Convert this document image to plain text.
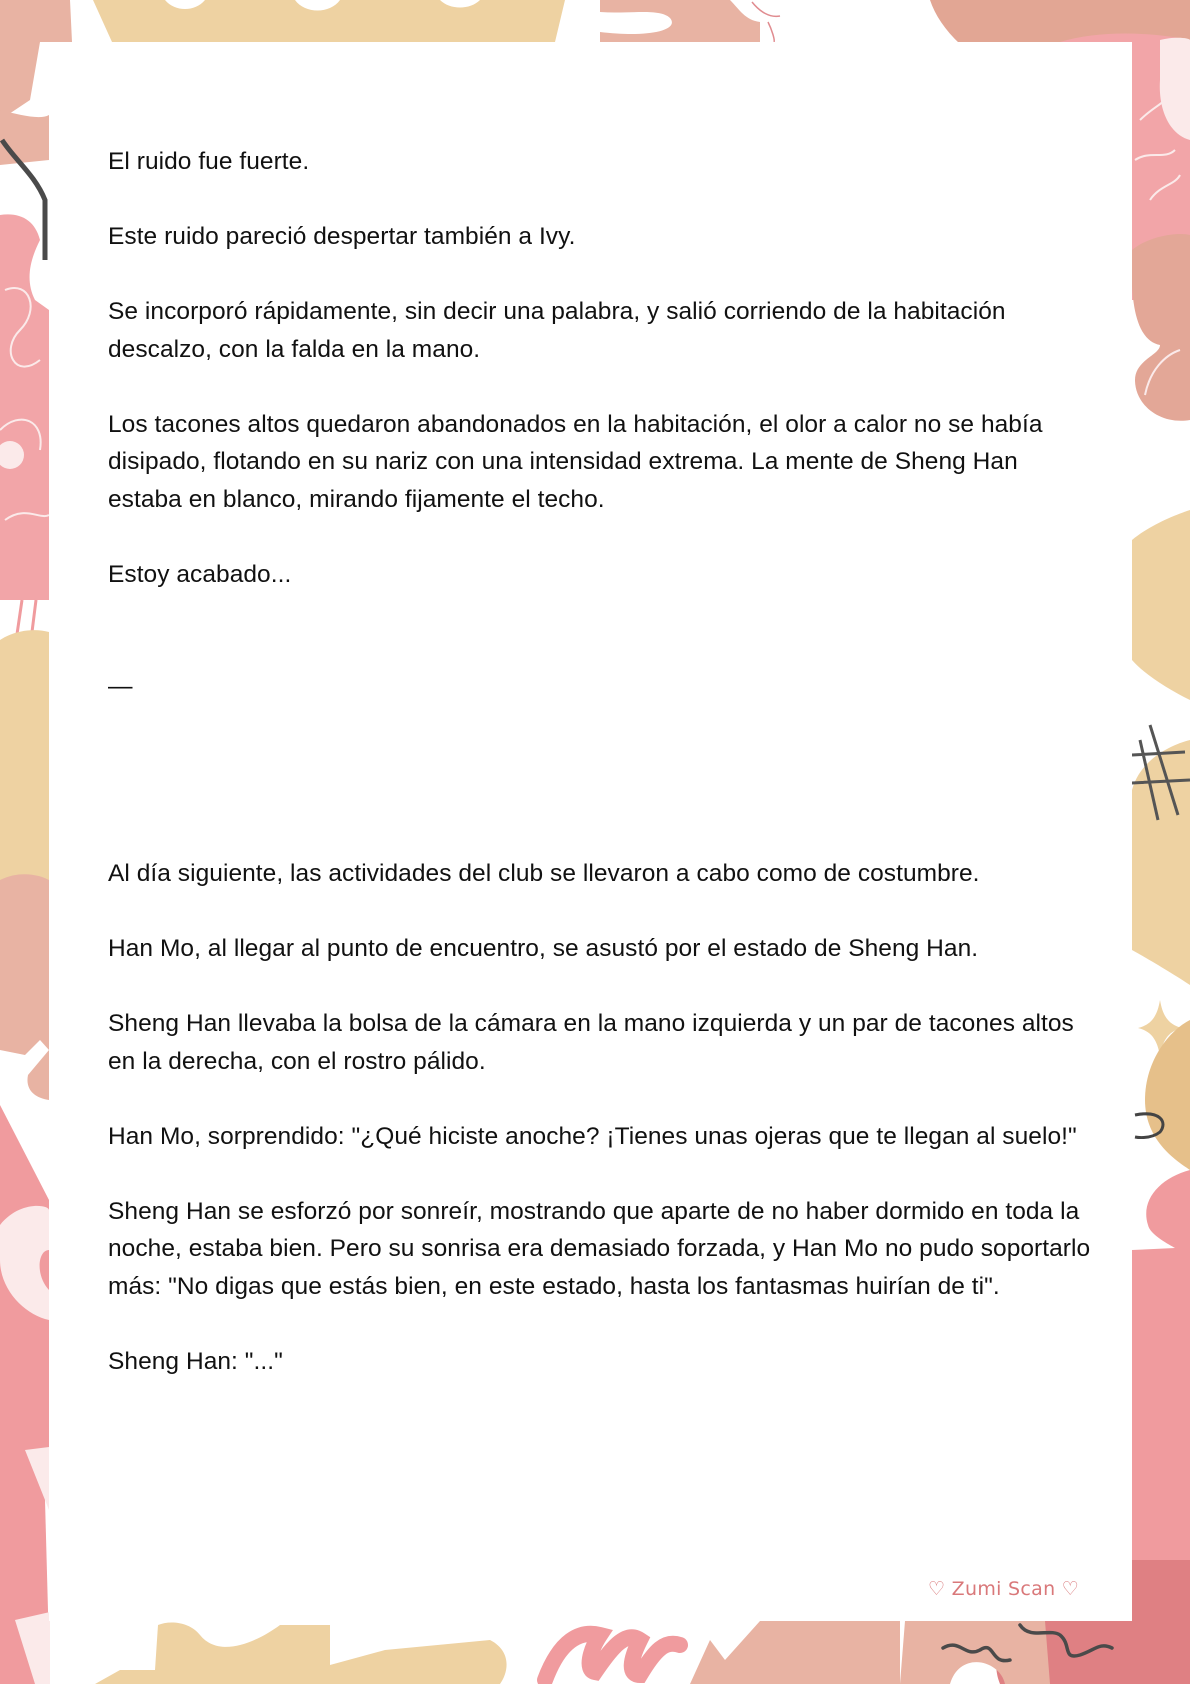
El ruido fue fuerte.

Este ruido pareció despertar también a Ivy.

Se incorporó rápidamente, sin decir una palabra, y salió corriendo de la habitación descalzo, con la falda en la mano.

Los tacones altos quedaron abandonados en la habitación, el olor a calor no se había disipado, flotando en su nariz con una intensidad extrema. La mente de Sheng Han estaba en blanco, mirando fijamente el techo.

Estoy acabado...

—

Al día siguiente, las actividades del club se llevaron a cabo como de costumbre.

Han Mo, al llegar al punto de encuentro, se asustó por el estado de Sheng Han.

Sheng Han llevaba la bolsa de la cámara en la mano izquierda y un par de tacones altos en la derecha, con el rostro pálido.

Han Mo, sorprendido: "¿Qué hiciste anoche? ¡Tienes unas ojeras que te llegan al suelo!"

Sheng Han se esforzó por sonreír, mostrando que aparte de no haber dormido en toda la noche, estaba bien. Pero su sonrisa era demasiado forzada, y Han Mo no pudo soportarlo más: "No digas que estás bien, en este estado, hasta los fantasmas huirían de ti".

Sheng Han: "..."

♡ Zumi Scan ♡
